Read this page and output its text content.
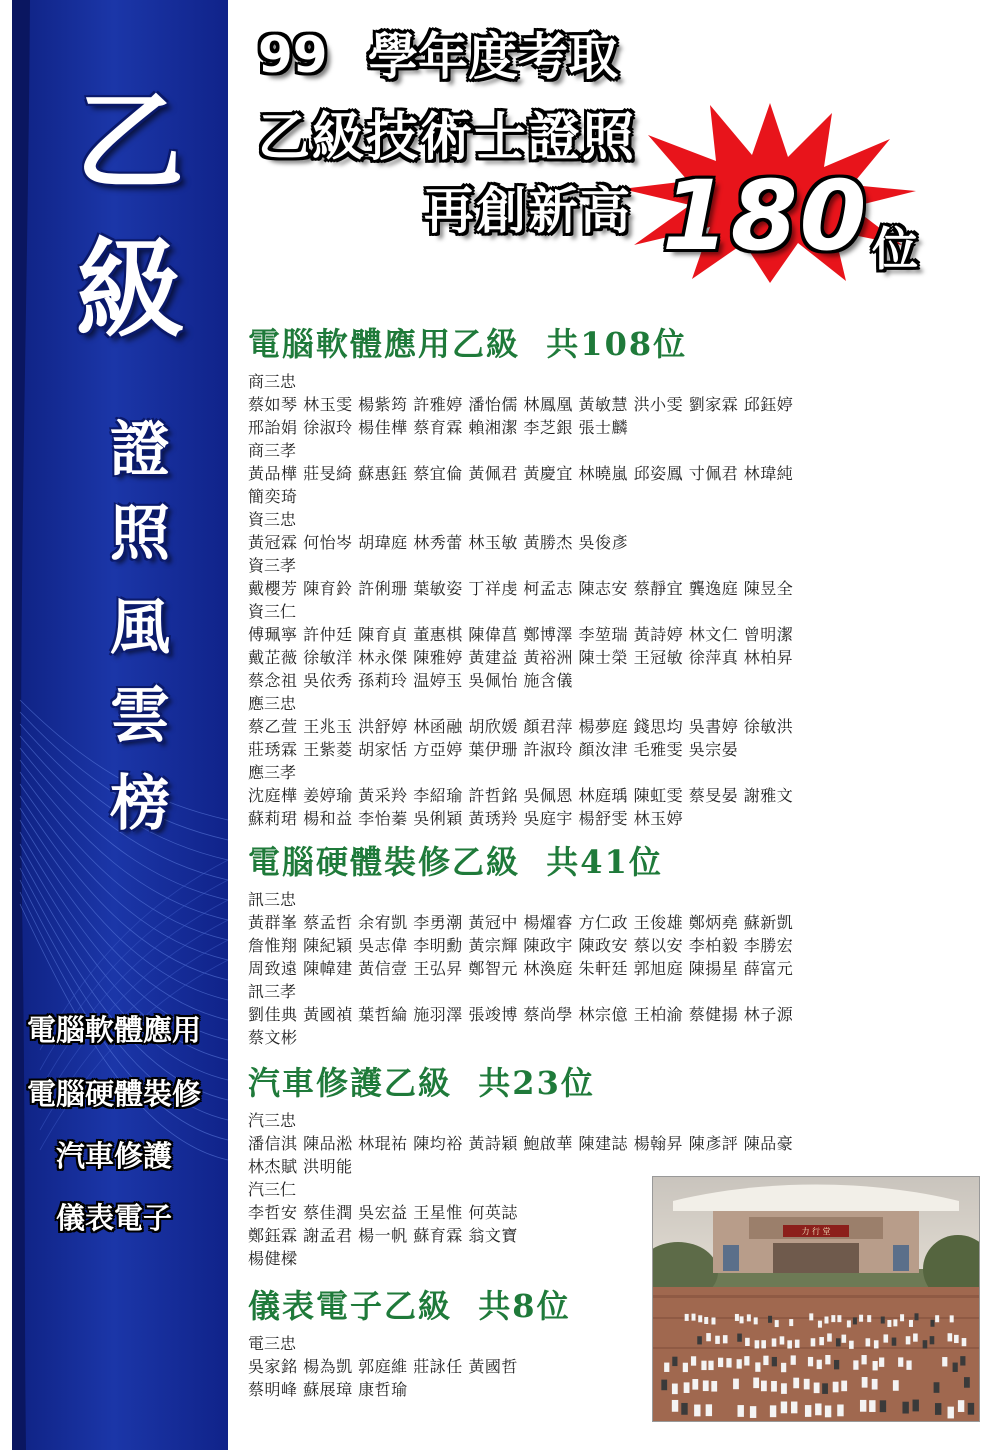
乙
級
證
照
風
雲
榜
電腦軟體應用
電腦硬體裝修
汽車修護
儀表電子
99 學年度考取
乙級技術士證照
再創新高 180 位
電腦軟體應用乙級 共108位
商三忠
蔡如琴 林玉雯 楊紫筠 許雅婷 潘怡儒 林鳳凰 黃敏慧 洪小雯 劉家霖 邱鈺婷
邢詒娟 徐淑玲 楊佳樺 蔡育霖 賴湘潔 李芝銀 張士麟
商三孝
黃品樺 莊旻綺 蘇惠鈺 蔡宜倫 黃佩君 黃慶宜 林曉嵐 邱姿鳳 寸佩君 林瑋純
簡奕琦
資三忠
黃冠霖 何怡岑 胡瑋庭 林秀蕾 林玉敏 黃勝杰 吳俊彥
資三孝
戴櫻芳 陳育鈴 許俐珊 葉敏姿 丁祥虔 柯孟志 陳志安 蔡靜宜 龔逸庭 陳昱全
資三仁
傅珮寧 許仲廷 陳育貞 董惠棋 陳偉菖 鄭博澤 李堃瑞 黃詩婷 林文仁 曾明潔
戴芷薇 徐敏洋 林永傑 陳雅婷 黃建益 黃裕洲 陳士榮 王冠敏 徐萍真 林柏昇
蔡念祖 吳依秀 孫莉玲 温婷玉 吳佩怡 施含儀
應三忠
蔡乙萱 王兆玉 洪舒婷 林函融 胡欣媛 顏君萍 楊夢庭 錢思均 吳書婷 徐敏洪
莊琇霖 王紫菱 胡家恬 方亞婷 葉伊珊 許淑玲 顏汝津 毛雅雯 吳宗晏
應三孝
沈庭樺 姜婷瑜 黃采羚 李紹瑜 許哲銘 吳佩恩 林庭瑀 陳虹雯 蔡旻晏 謝雅文
蘇莉珺 楊和益 李怡蓁 吳俐穎 黃琇羚 吳庭宇 楊舒雯 林玉婷
電腦硬體裝修乙級 共41位
訊三忠
黃群峯 蔡孟哲 余宥凱 李勇潮 黃冠中 楊燿睿 方仁政 王俊雄 鄭炳堯 蘇新凱
詹惟翔 陳紀穎 吳志偉 李明勳 黃宗輝 陳政宇 陳政安 蔡以安 李柏毅 李勝宏
周致遠 陳幃建 黃信壹 王弘昇 鄭智元 林渙庭 朱軒廷 郭旭庭 陳揚星 薛富元
訊三孝
劉佳典 黃國禎 葉哲綸 施羽澤 張竣博 蔡尚學 林宗億 王柏渝 蔡健揚 林子源
蔡文彬
汽車修護乙級 共23位
汽三忠
潘信淇 陳品淞 林琨祐 陳均裕 黃詩穎 鮑啟華 陳建誌 楊翰昇 陳彥評 陳品豪
林杰賦 洪明能
汽三仁
李哲安 蔡佳潤 吳宏益 王星惟 何英誌
鄭鈺霖 謝孟君 楊一帆 蘇育霖 翁文寶
楊健樑
儀表電子乙級 共8位
電三忠
吳家銘 楊為凱 郭庭維 莊詠任 黃國哲
蔡明峰 蘇展璋 康哲瑜
力 行 堂
